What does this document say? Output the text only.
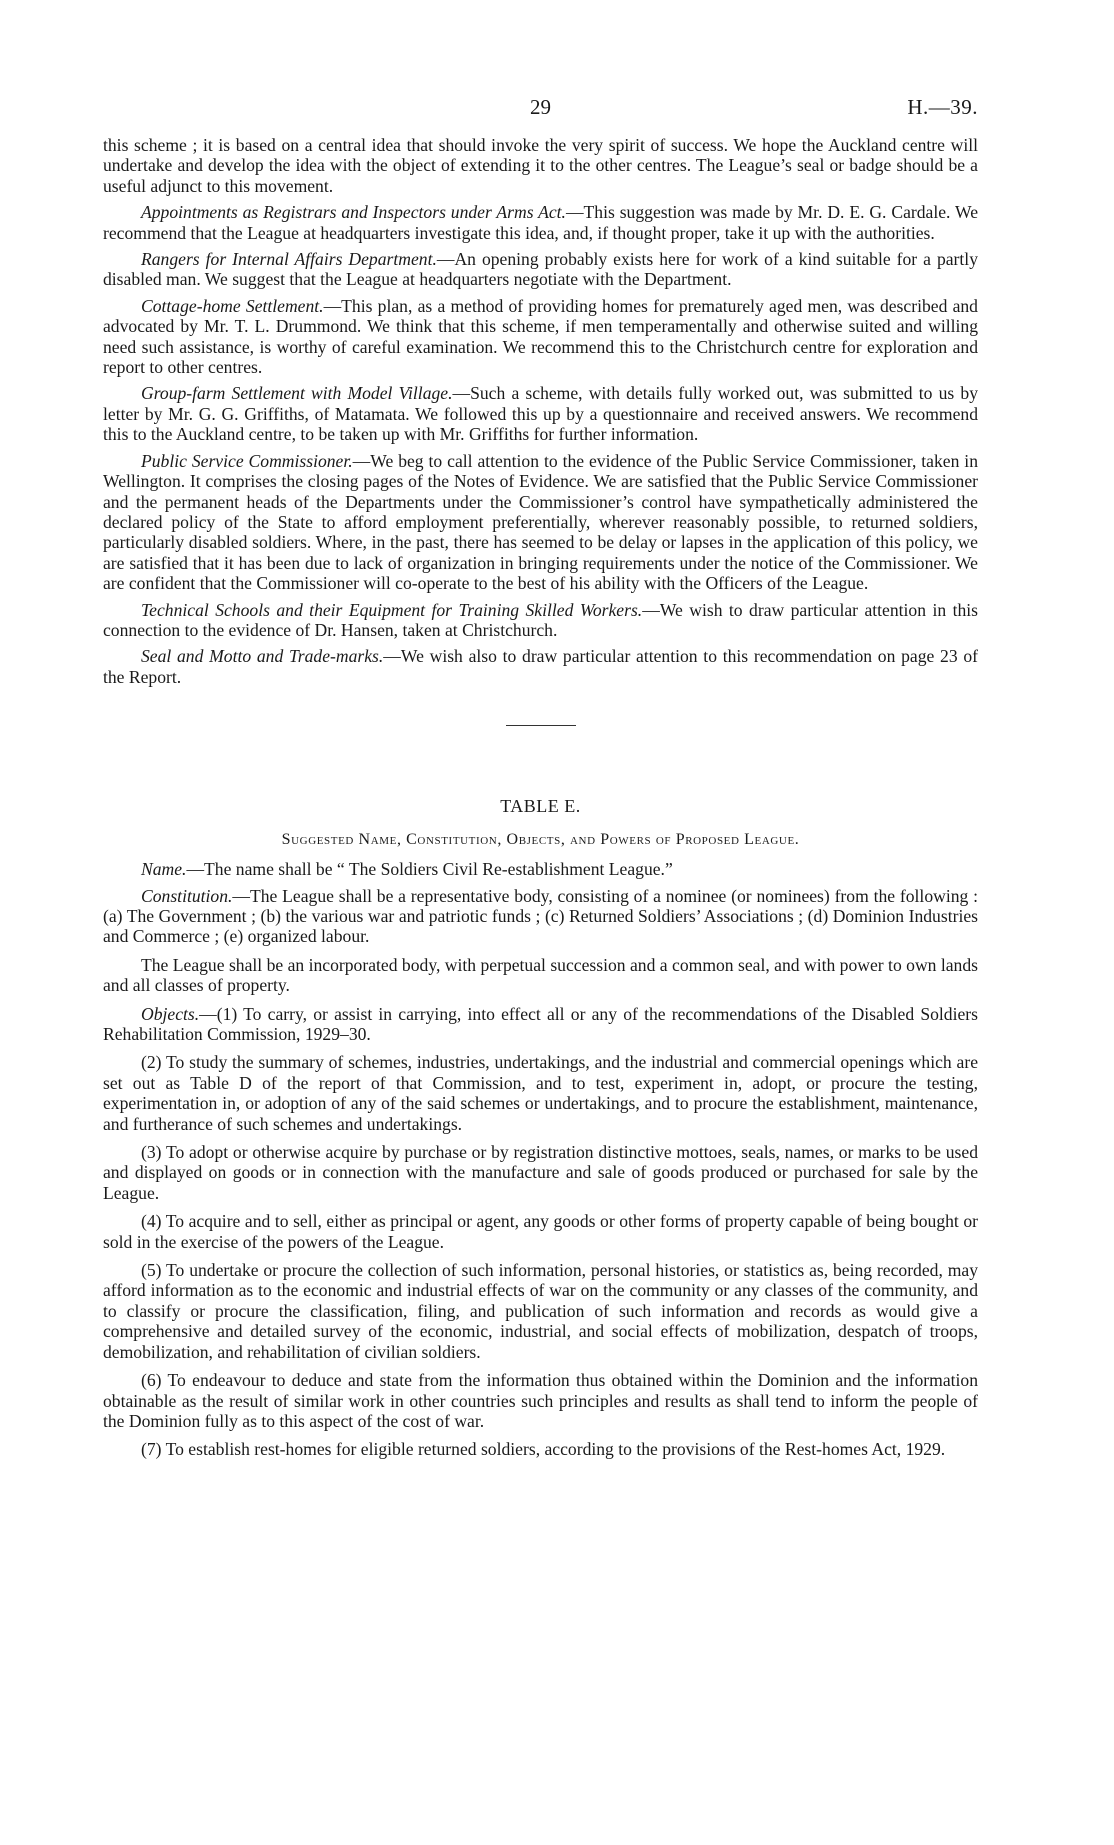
29	H.—39.

this scheme ; it is based on a central idea that should invoke the very spirit of success. We hope the Auckland centre will undertake and develop the idea with the object of extending it to the other centres. The League’s seal or badge should be a useful adjunct to this movement.

Appointments as Registrars and Inspectors under Arms Act.—This suggestion was made by Mr. D. E. G. Cardale. We recommend that the League at headquarters investigate this idea, and, if thought proper, take it up with the authorities.

Rangers for Internal Affairs Department.—An opening probably exists here for work of a kind suitable for a partly disabled man. We suggest that the League at headquarters negotiate with the Department.

Cottage-home Settlement.—This plan, as a method of providing homes for prematurely aged men, was described and advocated by Mr. T. L. Drummond. We think that this scheme, if men temperamentally and otherwise suited and willing need such assistance, is worthy of careful examination. We recommend this to the Christchurch centre for exploration and report to other centres.

Group-farm Settlement with Model Village.—Such a scheme, with details fully worked out, was submitted to us by letter by Mr. G. G. Griffiths, of Matamata. We followed this up by a questionnaire and received answers. We recommend this to the Auckland centre, to be taken up with Mr. Griffiths for further information.

Public Service Commissioner.—We beg to call attention to the evidence of the Public Service Commissioner, taken in Wellington. It comprises the closing pages of the Notes of Evidence. We are satisfied that the Public Service Commissioner and the permanent heads of the Departments under the Commissioner’s control have sympathetically administered the declared policy of the State to afford employment preferentially, wherever reasonably possible, to returned soldiers, particularly disabled soldiers. Where, in the past, there has seemed to be delay or lapses in the application of this policy, we are satisfied that it has been due to lack of organization in bringing requirements under the notice of the Commissioner. We are confident that the Commissioner will co-operate to the best of his ability with the Officers of the League.

Technical Schools and their Equipment for Training Skilled Workers.—We wish to draw particular attention in this connection to the evidence of Dr. Hansen, taken at Christchurch.

Seal and Motto and Trade-marks.—We wish also to draw particular attention to this recommendation on page 23 of the Report.

TABLE E.
Suggested Name, Constitution, Objects, and Powers of Proposed League.

Name.—The name shall be “ The Soldiers Civil Re-establishment League.”

Constitution.—The League shall be a representative body, consisting of a nominee (or nominees) from the following : (a) The Government ; (b) the various war and patriotic funds ; (c) Returned Soldiers’ Associations ; (d) Dominion Industries and Commerce ; (e) organized labour.

The League shall be an incorporated body, with perpetual succession and a common seal, and with power to own lands and all classes of property.

Objects.—(1) To carry, or assist in carrying, into effect all or any of the recommendations of the Disabled Soldiers Rehabilitation Commission, 1929–30.

(2) To study the summary of schemes, industries, undertakings, and the industrial and commercial openings which are set out as Table D of the report of that Commission, and to test, experiment in, adopt, or procure the testing, experimentation in, or adoption of any of the said schemes or undertakings, and to procure the establishment, maintenance, and furtherance of such schemes and undertakings.

(3) To adopt or otherwise acquire by purchase or by registration distinctive mottoes, seals, names, or marks to be used and displayed on goods or in connection with the manufacture and sale of goods produced or purchased for sale by the League.

(4) To acquire and to sell, either as principal or agent, any goods or other forms of property capable of being bought or sold in the exercise of the powers of the League.

(5) To undertake or procure the collection of such information, personal histories, or statistics as, being recorded, may afford information as to the economic and industrial effects of war on the community or any classes of the community, and to classify or procure the classification, filing, and publication of such information and records as would give a comprehensive and detailed survey of the economic, industrial, and social effects of mobilization, despatch of troops, demobilization, and rehabilitation of civilian soldiers.

(6) To endeavour to deduce and state from the information thus obtained within the Dominion and the information obtainable as the result of similar work in other countries such principles and results as shall tend to inform the people of the Dominion fully as to this aspect of the cost of war.

(7) To establish rest-homes for eligible returned soldiers, according to the provisions of the Rest-homes Act, 1929.
